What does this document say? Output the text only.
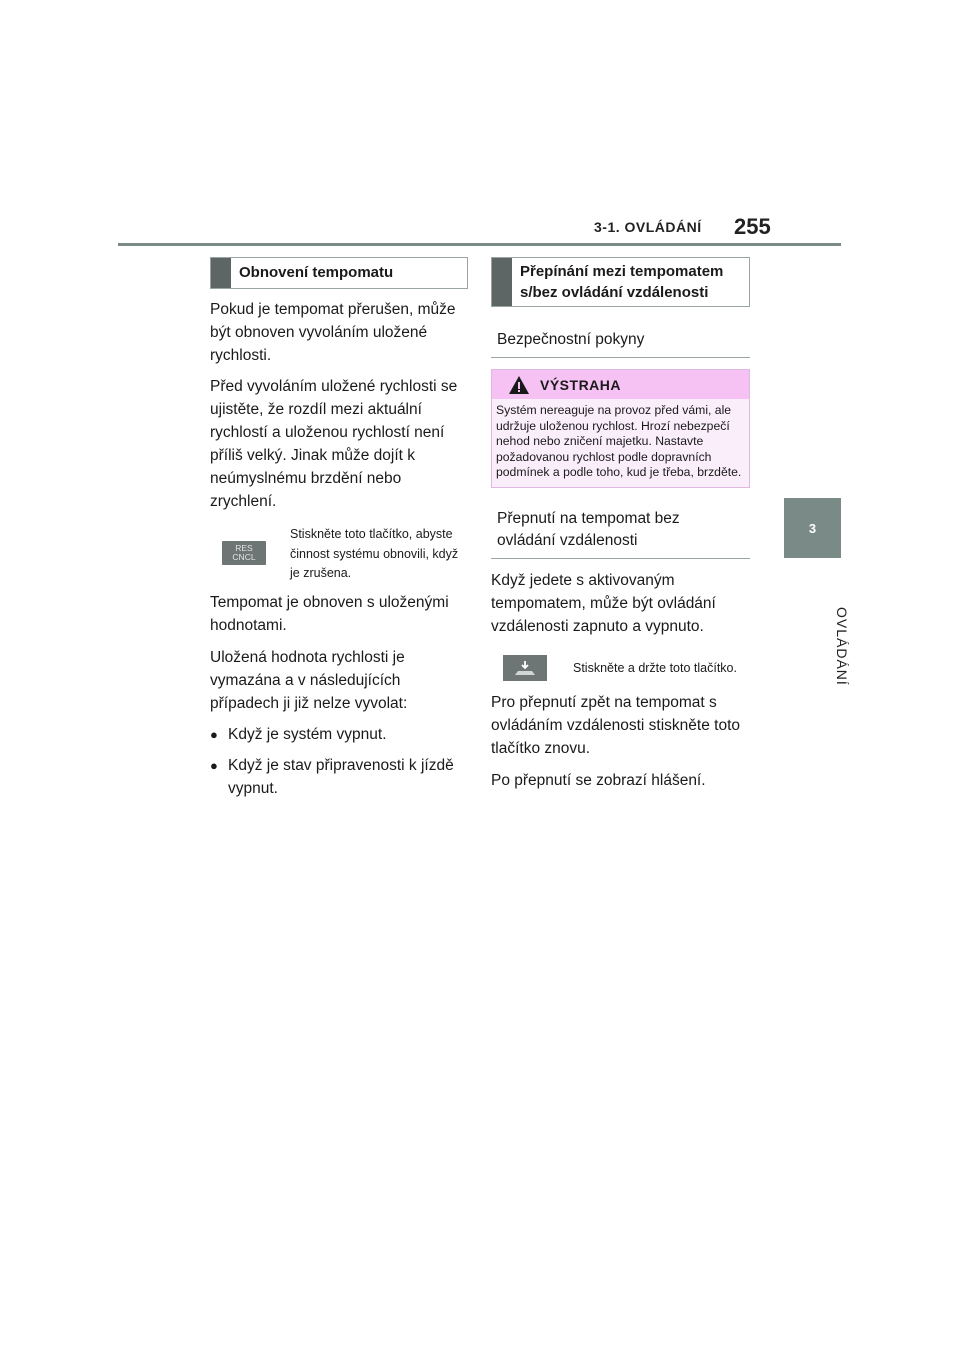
3-1. OVLÁDÁNÍ 255
3
OVLÁDÁNÍ
Obnovení tempomatu

Pokud je tempomat přerušen, může být obnoven vyvoláním uložené rychlosti.

Před vyvoláním uložené rychlosti se ujistěte, že rozdíl mezi aktuální rychlostí a uloženou rychlostí není příliš velký. Jinak může dojít k neúmyslnému brzdění nebo zrychlení.

RES
CNCL
Stiskněte toto tlačítko, abyste činnost systému obnovili, když je zrušena.

Tempomat je obnoven s uloženými hodnotami.

Uložená hodnota rychlosti je vymazána a v následujících případech ji již nelze vyvolat:

● Když je systém vypnut.
● Když je stav připravenosti k jízdě vypnut.
Přepínání mezi tempomatem s/bez ovládání vzdálenosti
Bezpečnostní pokyny
VÝSTRAHA
Systém nereaguje na provoz před vámi, ale udržuje uloženou rychlost. Hrozí nebezpečí nehod nebo zničení majetku. Nastavte požadovanou rychlost podle dopravních podmínek a podle toho, kud je třeba, brzděte.
Přepnutí na tempomat bez ovládání vzdálenosti

Když jedete s aktivovaným tempomatem, může být ovládání vzdálenosti zapnuto a vypnuto.

Stiskněte a držte toto tlačítko.

Pro přepnutí zpět na tempomat s ovládáním vzdálenosti stiskněte toto tlačítko znovu.

Po přepnutí se zobrazí hlášení.
